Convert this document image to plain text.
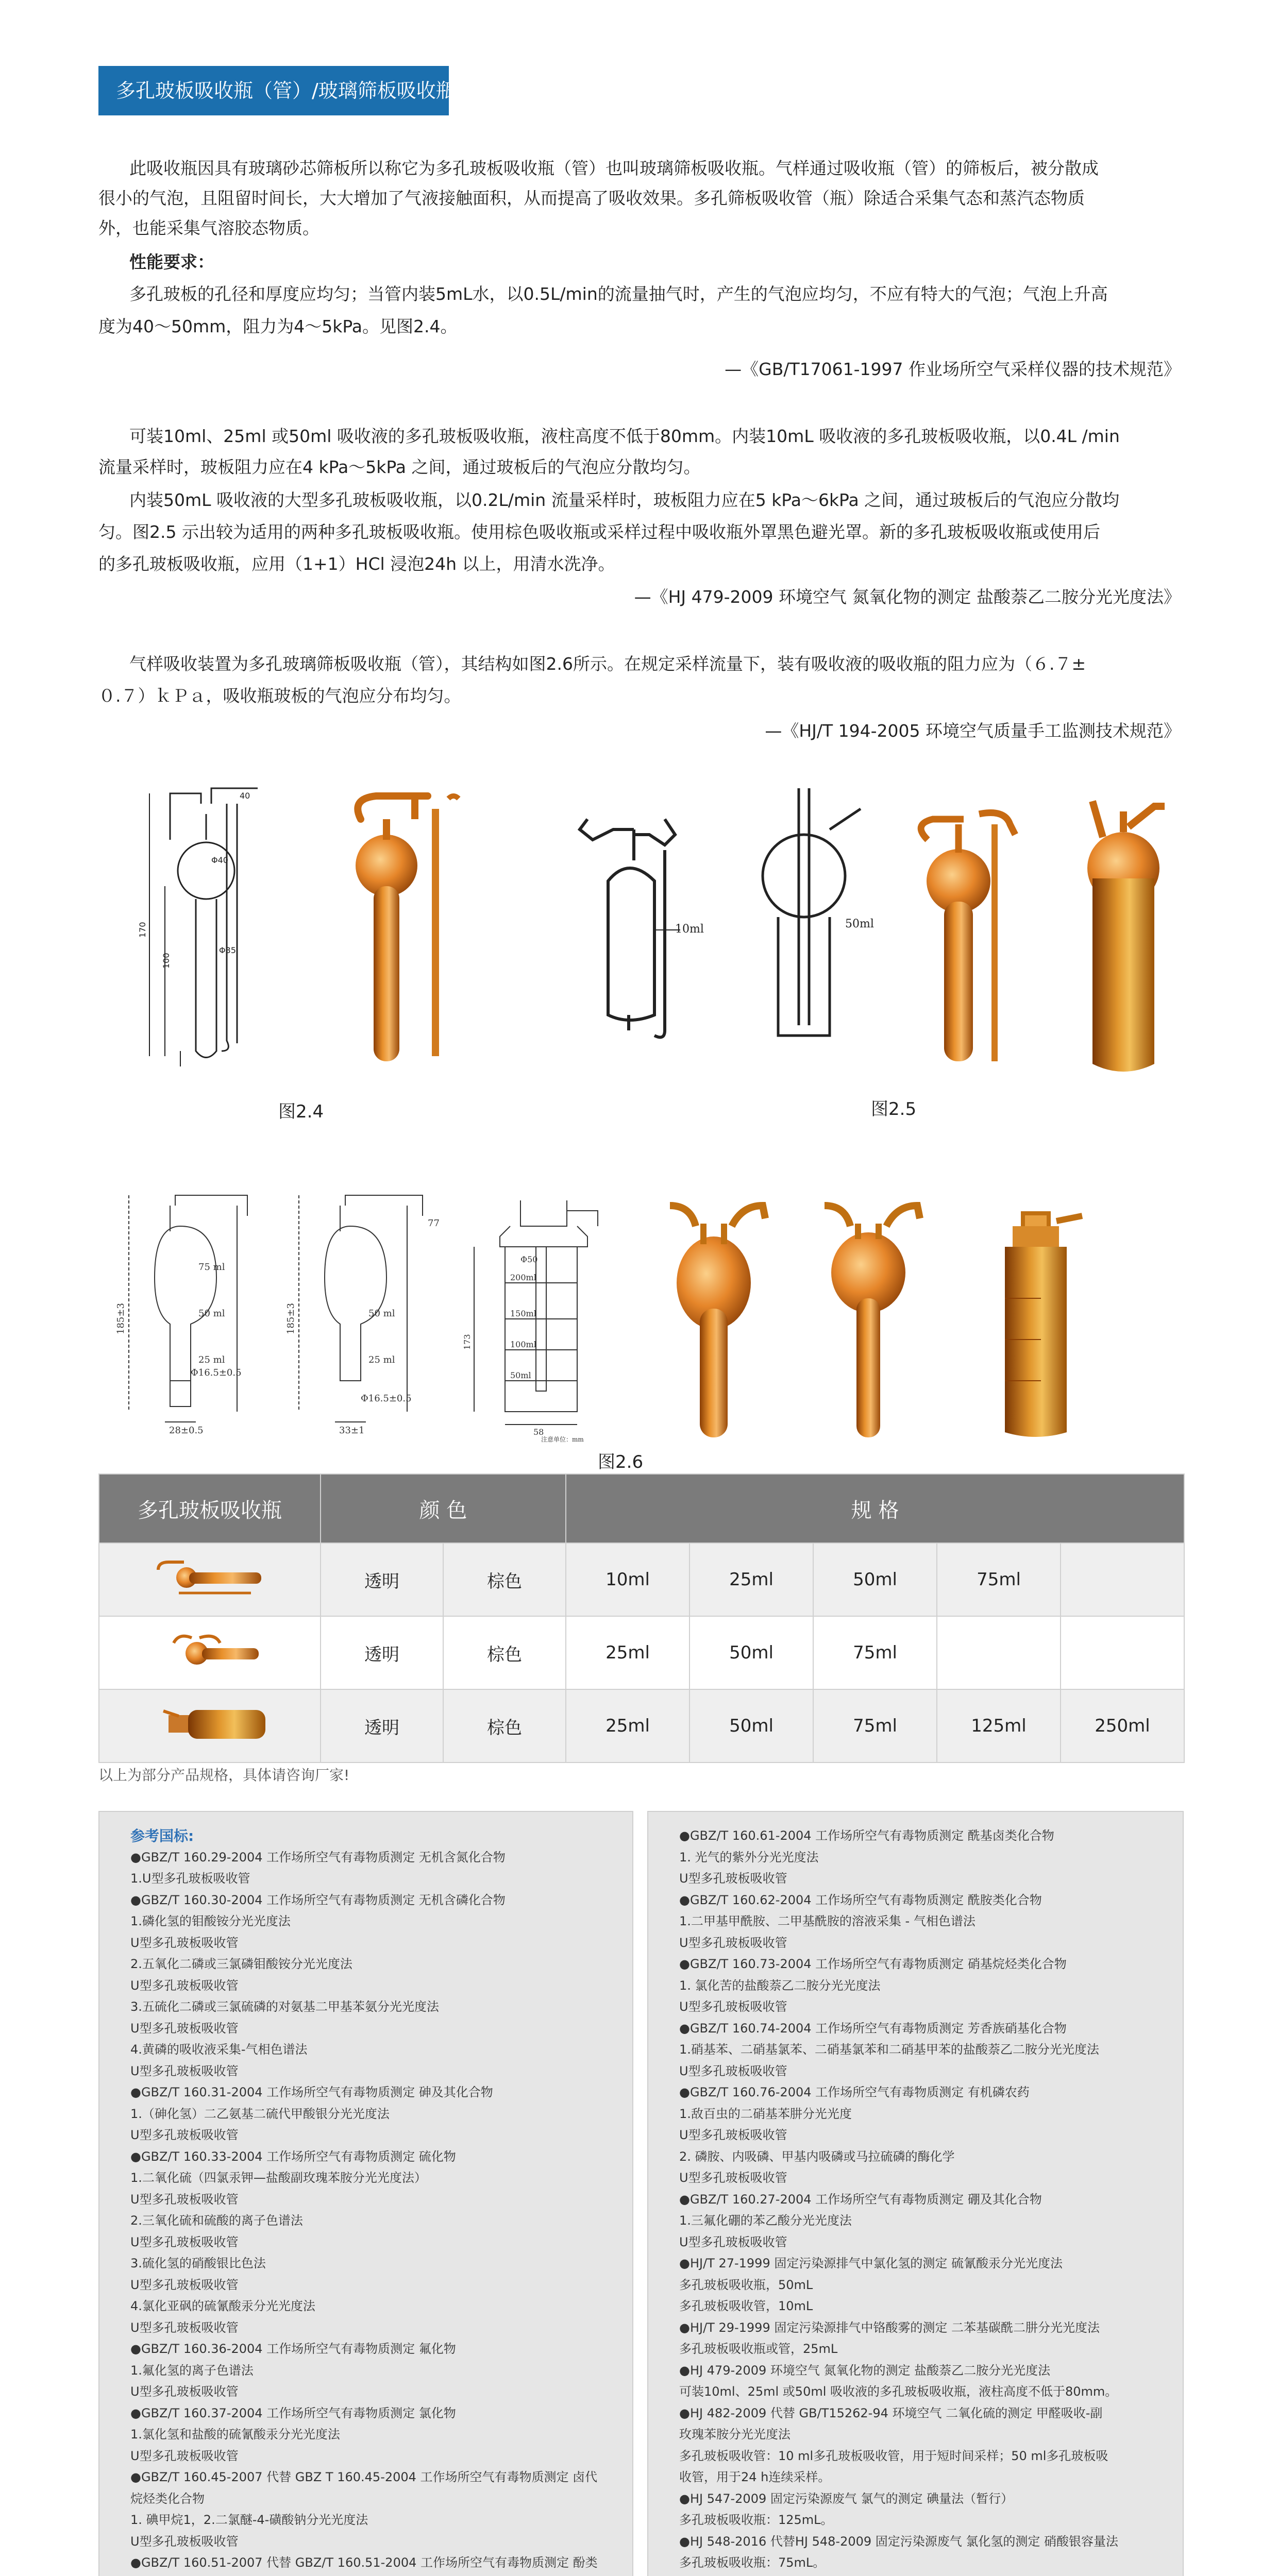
多孔玻板吸收瓶（管）/玻璃筛板吸收瓶
此吸收瓶因具有玻璃砂芯筛板所以称它为多孔玻板吸收瓶（管）也叫玻璃筛板吸收瓶。气样通过吸收瓶（管）的筛板后，被分散成
很小的气泡，且阻留时间长，大大增加了气液接触面积，从而提高了吸收效果。多孔筛板吸收管（瓶）除适合采集气态和蒸汽态物质
外，也能采集气溶胶态物质。
性能要求：
多孔玻板的孔径和厚度应均匀；当管内装5mL水，以0.5L/min的流量抽气时，产生的气泡应均匀，不应有特大的气泡；气泡上升高
度为40～50mm，阻力为4～5kPa。见图2.4。
—《GB/T17061-1997 作业场所空气采样仪器的技术规范》
可装10ml、25ml 或50ml 吸收液的多孔玻板吸收瓶，液柱高度不低于80mm。内装10mL 吸收液的多孔玻板吸收瓶，以0.4L /min
流量采样时，玻板阻力应在4 kPa～5kPa 之间，通过玻板后的气泡应分散均匀。
内装50mL 吸收液的大型多孔玻板吸收瓶，以0.2L/min 流量采样时，玻板阻力应在5 kPa～6kPa 之间，通过玻板后的气泡应分散均
匀。图2.5 示出较为适用的两种多孔玻板吸收瓶。使用棕色吸收瓶或采样过程中吸收瓶外罩黑色避光罩。新的多孔玻板吸收瓶或使用后
的多孔玻板吸收瓶，应用（1+1）HCl 浸泡24h 以上，用清水洗净。
—《HJ 479-2009 环境空气 氮氧化物的测定 盐酸萘乙二胺分光光度法》
气样吸收装置为多孔玻璃筛板吸收瓶（管），其结构如图2.6所示。在规定采样流量下，装有吸收液的吸收瓶的阻力应为（６.７±
０.７）ｋＰａ，吸收瓶玻板的气泡应分布均匀。
—《HJ/T 194-2005 环境空气质量手工监测技术规范》
40
Φ40
Φ35
100
170	10ml	50ml
图2.4	图2.5
75 ml
50 ml
25 ml
Φ16.5±0.5
28±0.5
185±3
33±1
185±3	50 ml
25 ml
Φ16.5±0.5
77
173
Φ50
58
200ml
150ml
100ml
50ml
注意单位：mm
图2.6
多孔玻板吸收瓶	颜 色		规 格				
	透明	棕色	10ml	25ml	50ml	75ml	
	透明	棕色	25ml	50ml	75ml		
	透明	棕色	25ml	50ml	75ml	125ml	250ml
以上为部分产品规格，具体请咨询厂家!
参考国标:
●GBZ/T 160.29-2004 工作场所空气有毒物质测定 无机含氮化合物
1.U型多孔玻板吸收管
●GBZ/T 160.30-2004 工作场所空气有毒物质测定 无机含磷化合物
1.磷化氢的钼酸铵分光光度法
U型多孔玻板吸收管
2.五氧化二磷或三氯磷钼酸铵分光光度法
U型多孔玻板吸收管
3.五硫化二磷或三氯硫磷的对氨基二甲基苯氨分光光度法
U型多孔玻板吸收管
4.黄磷的吸收液采集-气相色谱法
U型多孔玻板吸收管
●GBZ/T 160.31-2004 工作场所空气有毒物质测定 砷及其化合物
1.（砷化氢）二乙氨基二硫代甲酸银分光光度法
U型多孔玻板吸收管
●GBZ/T 160.33-2004 工作场所空气有毒物质测定 硫化物
1.二氧化硫（四氯汞钾—盐酸副玫瑰苯胺分光光度法）
U型多孔玻板吸收管
2.三氧化硫和硫酸的离子色谱法
U型多孔玻板吸收管
3.硫化氢的硝酸银比色法
U型多孔玻板吸收管
4.氯化亚砜的硫氰酸汞分光光度法
U型多孔玻板吸收管
●GBZ/T 160.36-2004 工作场所空气有毒物质测定 氟化物
1.氟化氢的离子色谱法
U型多孔玻板吸收管
●GBZ/T 160.37-2004 工作场所空气有毒物质测定 氯化物
1.氯化氢和盐酸的硫氰酸汞分光光度法
U型多孔玻板吸收管
●GBZ/T 160.45-2007 代替 GBZ T 160.45-2004 工作场所空气有毒物质测定 卤代
烷烃类化合物
1. 碘甲烷1，2.二氯醚-4-磺酸钠分光光度法
U型多孔玻板吸收管
●GBZ/T 160.51-2007 代替 GBZ/T 160.51-2004 工作场所空气有毒物质测定 酚类
●GBZ/T 160.61-2004 工作场所空气有毒物质测定 酰基卤类化合物
1. 光气的紫外分光光度法
U型多孔玻板吸收管
●GBZ/T 160.62-2004 工作场所空气有毒物质测定 酰胺类化合物
1.二甲基甲酰胺、二甲基酰胺的溶液采集 - 气相色谱法
U型多孔玻板吸收管
●GBZ/T 160.73-2004 工作场所空气有毒物质测定 硝基烷烃类化合物
1. 氯化苦的盐酸萘乙二胺分光光度法
U型多孔玻板吸收管
●GBZ/T 160.74-2004 工作场所空气有毒物质测定 芳香族硝基化合物
1.硝基苯、二硝基氯苯、二硝基氯苯和二硝基甲苯的盐酸萘乙二胺分光光度法
U型多孔玻板吸收管
●GBZ/T 160.76-2004 工作场所空气有毒物质测定 有机磷农药
1.敌百虫的二硝基苯肼分光光度
U型多孔玻板吸收管
2. 磷胺、内吸磷、甲基内吸磷或马拉硫磷的酶化学
U型多孔玻板吸收管
●GBZ/T 160.27-2004 工作场所空气有毒物质测定 硼及其化合物
1.三氟化硼的苯乙酸分光光度法
U型多孔玻板吸收管
●HJ/T 27-1999 固定污染源排气中氯化氢的测定 硫氰酸汞分光光度法
多孔玻板吸收瓶，50mL
多孔玻板吸收管，10mL
●HJ/T 29-1999 固定污染源排气中铬酸雾的测定 二苯基碳酰二肼分光光度法
多孔玻板吸收瓶或管，25mL
●HJ 479-2009 环境空气 氮氧化物的测定 盐酸萘乙二胺分光光度法
可装10ml、25ml 或50ml 吸收液的多孔玻板吸收瓶，液柱高度不低于80mm。
●HJ 482-2009 代替 GB/T15262-94 环境空气 二氧化硫的测定 甲醛吸收-副
玫瑰苯胺分光光度法
多孔玻板吸收管：10 ml多孔玻板吸收管，用于短时间采样；50 ml多孔玻板吸
收管，用于24 h连续采样。
●HJ 547-2009 固定污染源废气 氯气的测定 碘量法（暂行）
多孔玻板吸收瓶：125mL。
●HJ 548-2016 代替HJ 548-2009 固定污染源废气 氯化氢的测定 硝酸银容量法
多孔玻板吸收瓶：75mL。
